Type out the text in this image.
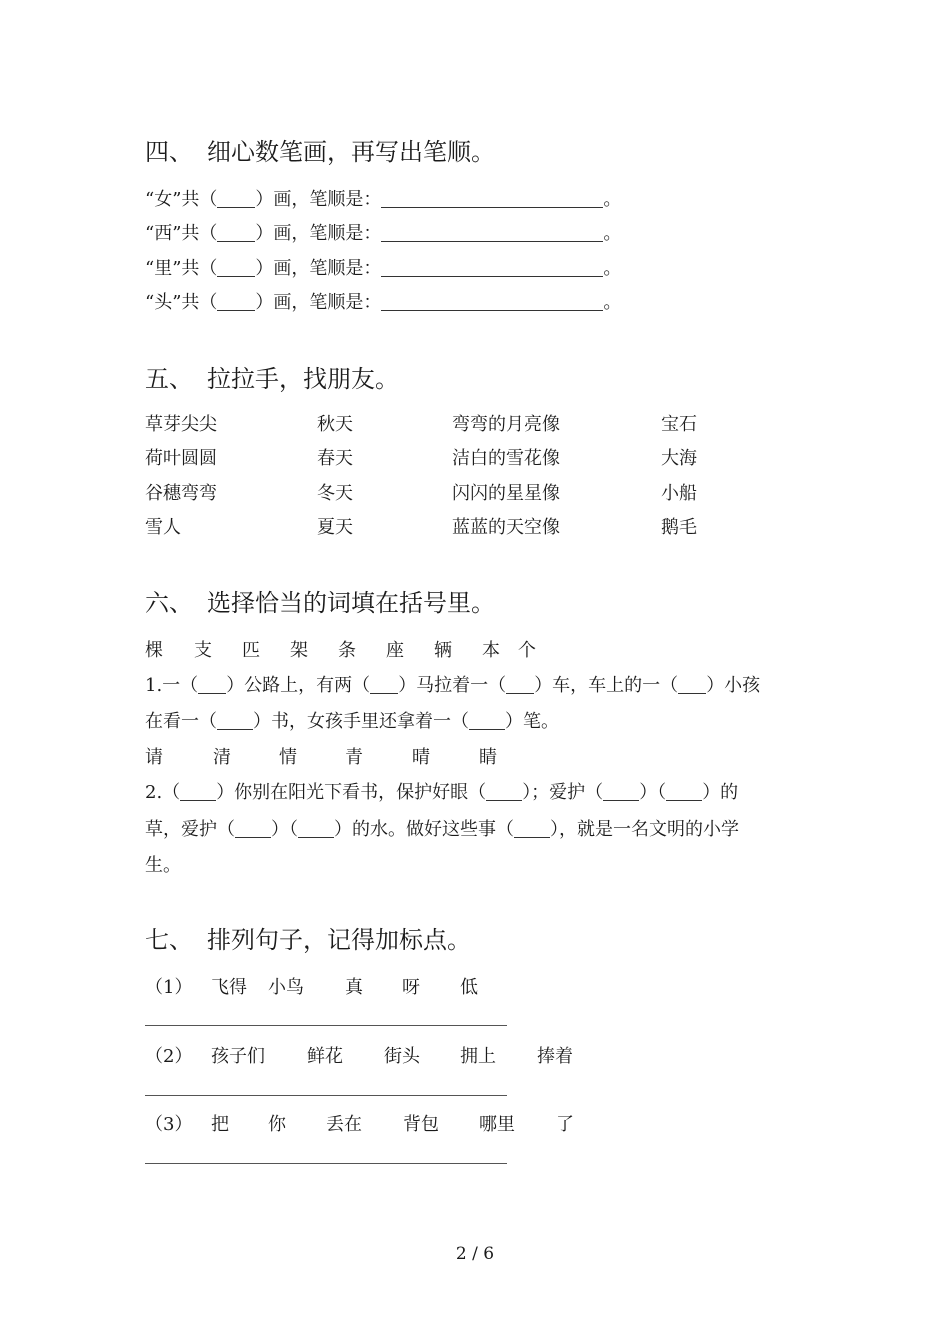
四、 细心数笔画，再写出笔顺。
“女”共（ ）画，笔顺是：	。
“西”共（ ）画，笔顺是：	。
“里”共（ ）画，笔顺是：	。
“头”共（ ）画，笔顺是：	。
五、 拉拉手，找朋友。
草芽尖尖	秋天	弯弯的月亮像	宝石
荷叶圆圆	春天	洁白的雪花像	大海
谷穗弯弯	冬天	闪闪的星星像	小船
雪人	夏天	蓝蓝的天空像	鹅毛
六、 选择恰当的词填在括号里。
棵 支 匹 架 条 座 辆 本 个
1.一（ ）公路上，有两（ ）马拉着一（ ）车，车上的一（ ）小孩
在看一（ ）书，女孩手里还拿着一（ ）笔。
请	清	情	青	晴	睛
2.（ ）你别在阳光下看书，保护好眼（ ）；爱护（ ）（ ）的
草，爱护（ ）（ ）的水。做好这些事（ ），就是一名文明的小学
生。
七、 排列句子，记得加标点。
（1） 飞得 小鸟 真 呀 低
（2） 孩子们 鲜花 街头 拥上 捧着
（3） 把 你 丢在 背包 哪里 了
2 / 6
